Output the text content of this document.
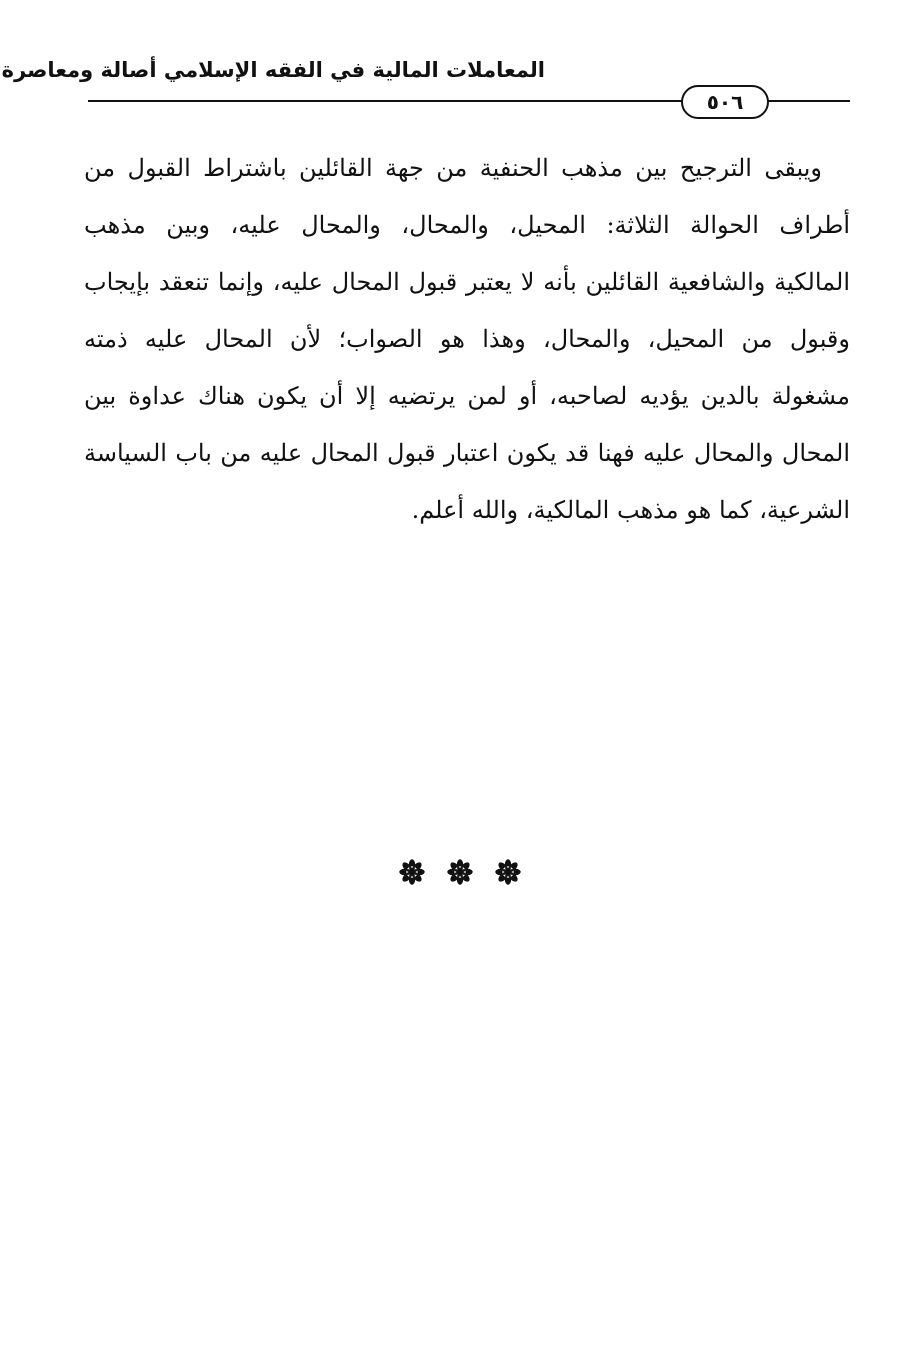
المعاملات المالية في الفقه الإسلامي أصالة ومعاصرة
٥٠٦
ويبقى الترجيح بين مذهب الحنفية من جهة القائلين باشتراط القبول من
أطراف الحوالة الثلاثة: المحيل، والمحال، والمحال عليه، وبين مذهب
المالكية والشافعية القائلين بأنه لا يعتبر قبول المحال عليه، وإنما تنعقد بإيجاب
وقبول من المحيل، والمحال، وهذا هو الصواب؛ لأن المحال عليه ذمته
مشغولة بالدين يؤديه لصاحبه، أو لمن يرتضيه إلا أن يكون هناك عداوة بين
المحال والمحال عليه فهنا قد يكون اعتبار قبول المحال عليه من باب السياسة
الشرعية، كما هو مذهب المالكية، والله أعلم.
